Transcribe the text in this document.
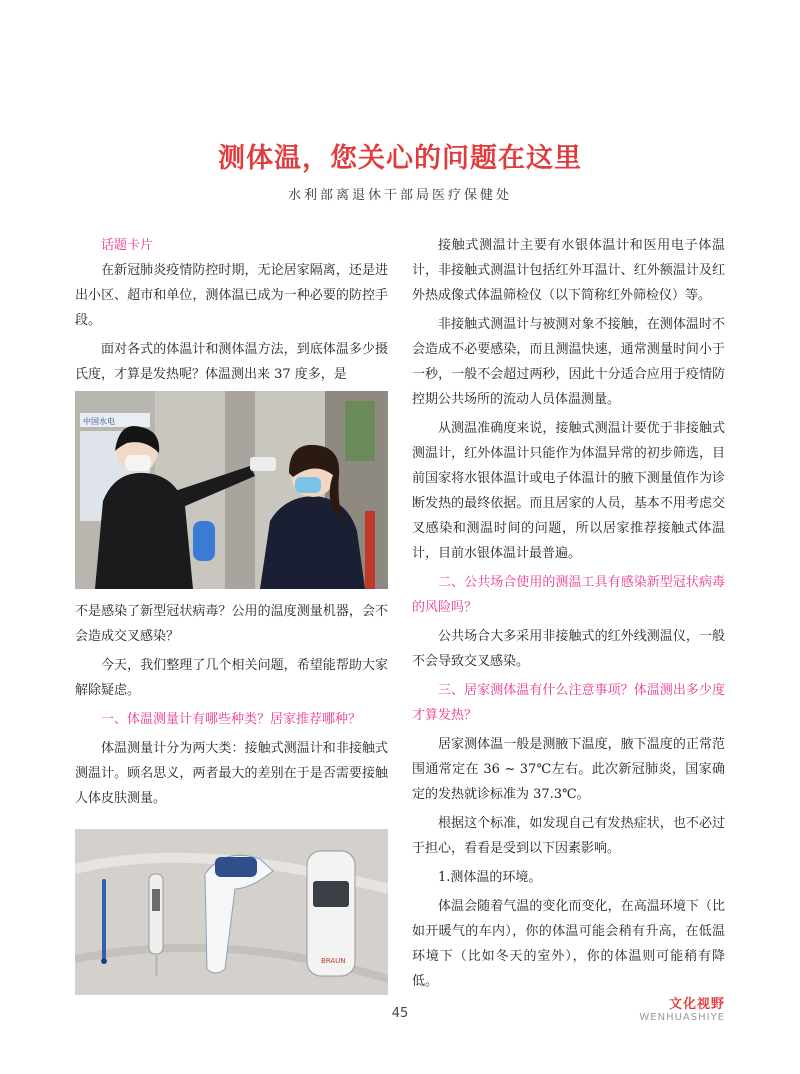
测体温，您关心的问题在这里
水利部离退休干部局医疗保健处

话题卡片

在新冠肺炎疫情防控时期，无论居家隔离，还是进出小区、超市和单位，测体温已成为一种必要的防控手段。

面对各式的体温计和测体温方法，到底体温多少摄氏度，才算是发热呢？体温测出来 37 度多，是

中国水电

不是感染了新型冠状病毒？公用的温度测量机器，会不会造成交叉感染？

今天，我们整理了几个相关问题，希望能帮助大家解除疑虑。

一、体温测量计有哪些种类？居家推荐哪种？

体温测量计分为两大类：接触式测温计和非接触式测温计。顾名思义，两者最大的差别在于是否需要接触人体皮肤测量。

BRAUN

接触式测温计主要有水银体温计和医用电子体温计，非接触式测温计包括红外耳温计、红外额温计及红外热成像式体温筛检仪（以下简称红外筛检仪）等。

非接触式测温计与被测对象不接触，在测体温时不会造成不必要感染，而且测温快速，通常测量时间小于一秒，一般不会超过两秒，因此十分适合应用于疫情防控期公共场所的流动人员体温测量。

从测温准确度来说，接触式测温计要优于非接触式测温计，红外体温计只能作为体温异常的初步筛选，目前国家将水银体温计或电子体温计的腋下测量值作为诊断发热的最终依据。而且居家的人员，基本不用考虑交叉感染和测温时间的问题，所以居家推荐接触式体温计，目前水银体温计最普遍。

二、公共场合使用的测温工具有感染新型冠状病毒的风险吗？

公共场合大多采用非接触式的红外线测温仪，一般不会导致交叉感染。

三、居家测体温有什么注意事项？体温测出多少度才算发热？

居家测体温一般是测腋下温度，腋下温度的正常范围通常定在 36 ~ 37℃左右。此次新冠肺炎，国家确定的发热就诊标准为 37.3℃。

根据这个标准，如发现自己有发热症状，也不必过于担心，看看是受到以下因素影响。

1.测体温的环境。

体温会随着气温的变化而变化，在高温环境下（比如开暖气的车内），你的体温可能会稍有升高，在低温环境下（比如冬天的室外），你的体温则可能稍有降低。

45
文化视野
WENHUASHIYE
